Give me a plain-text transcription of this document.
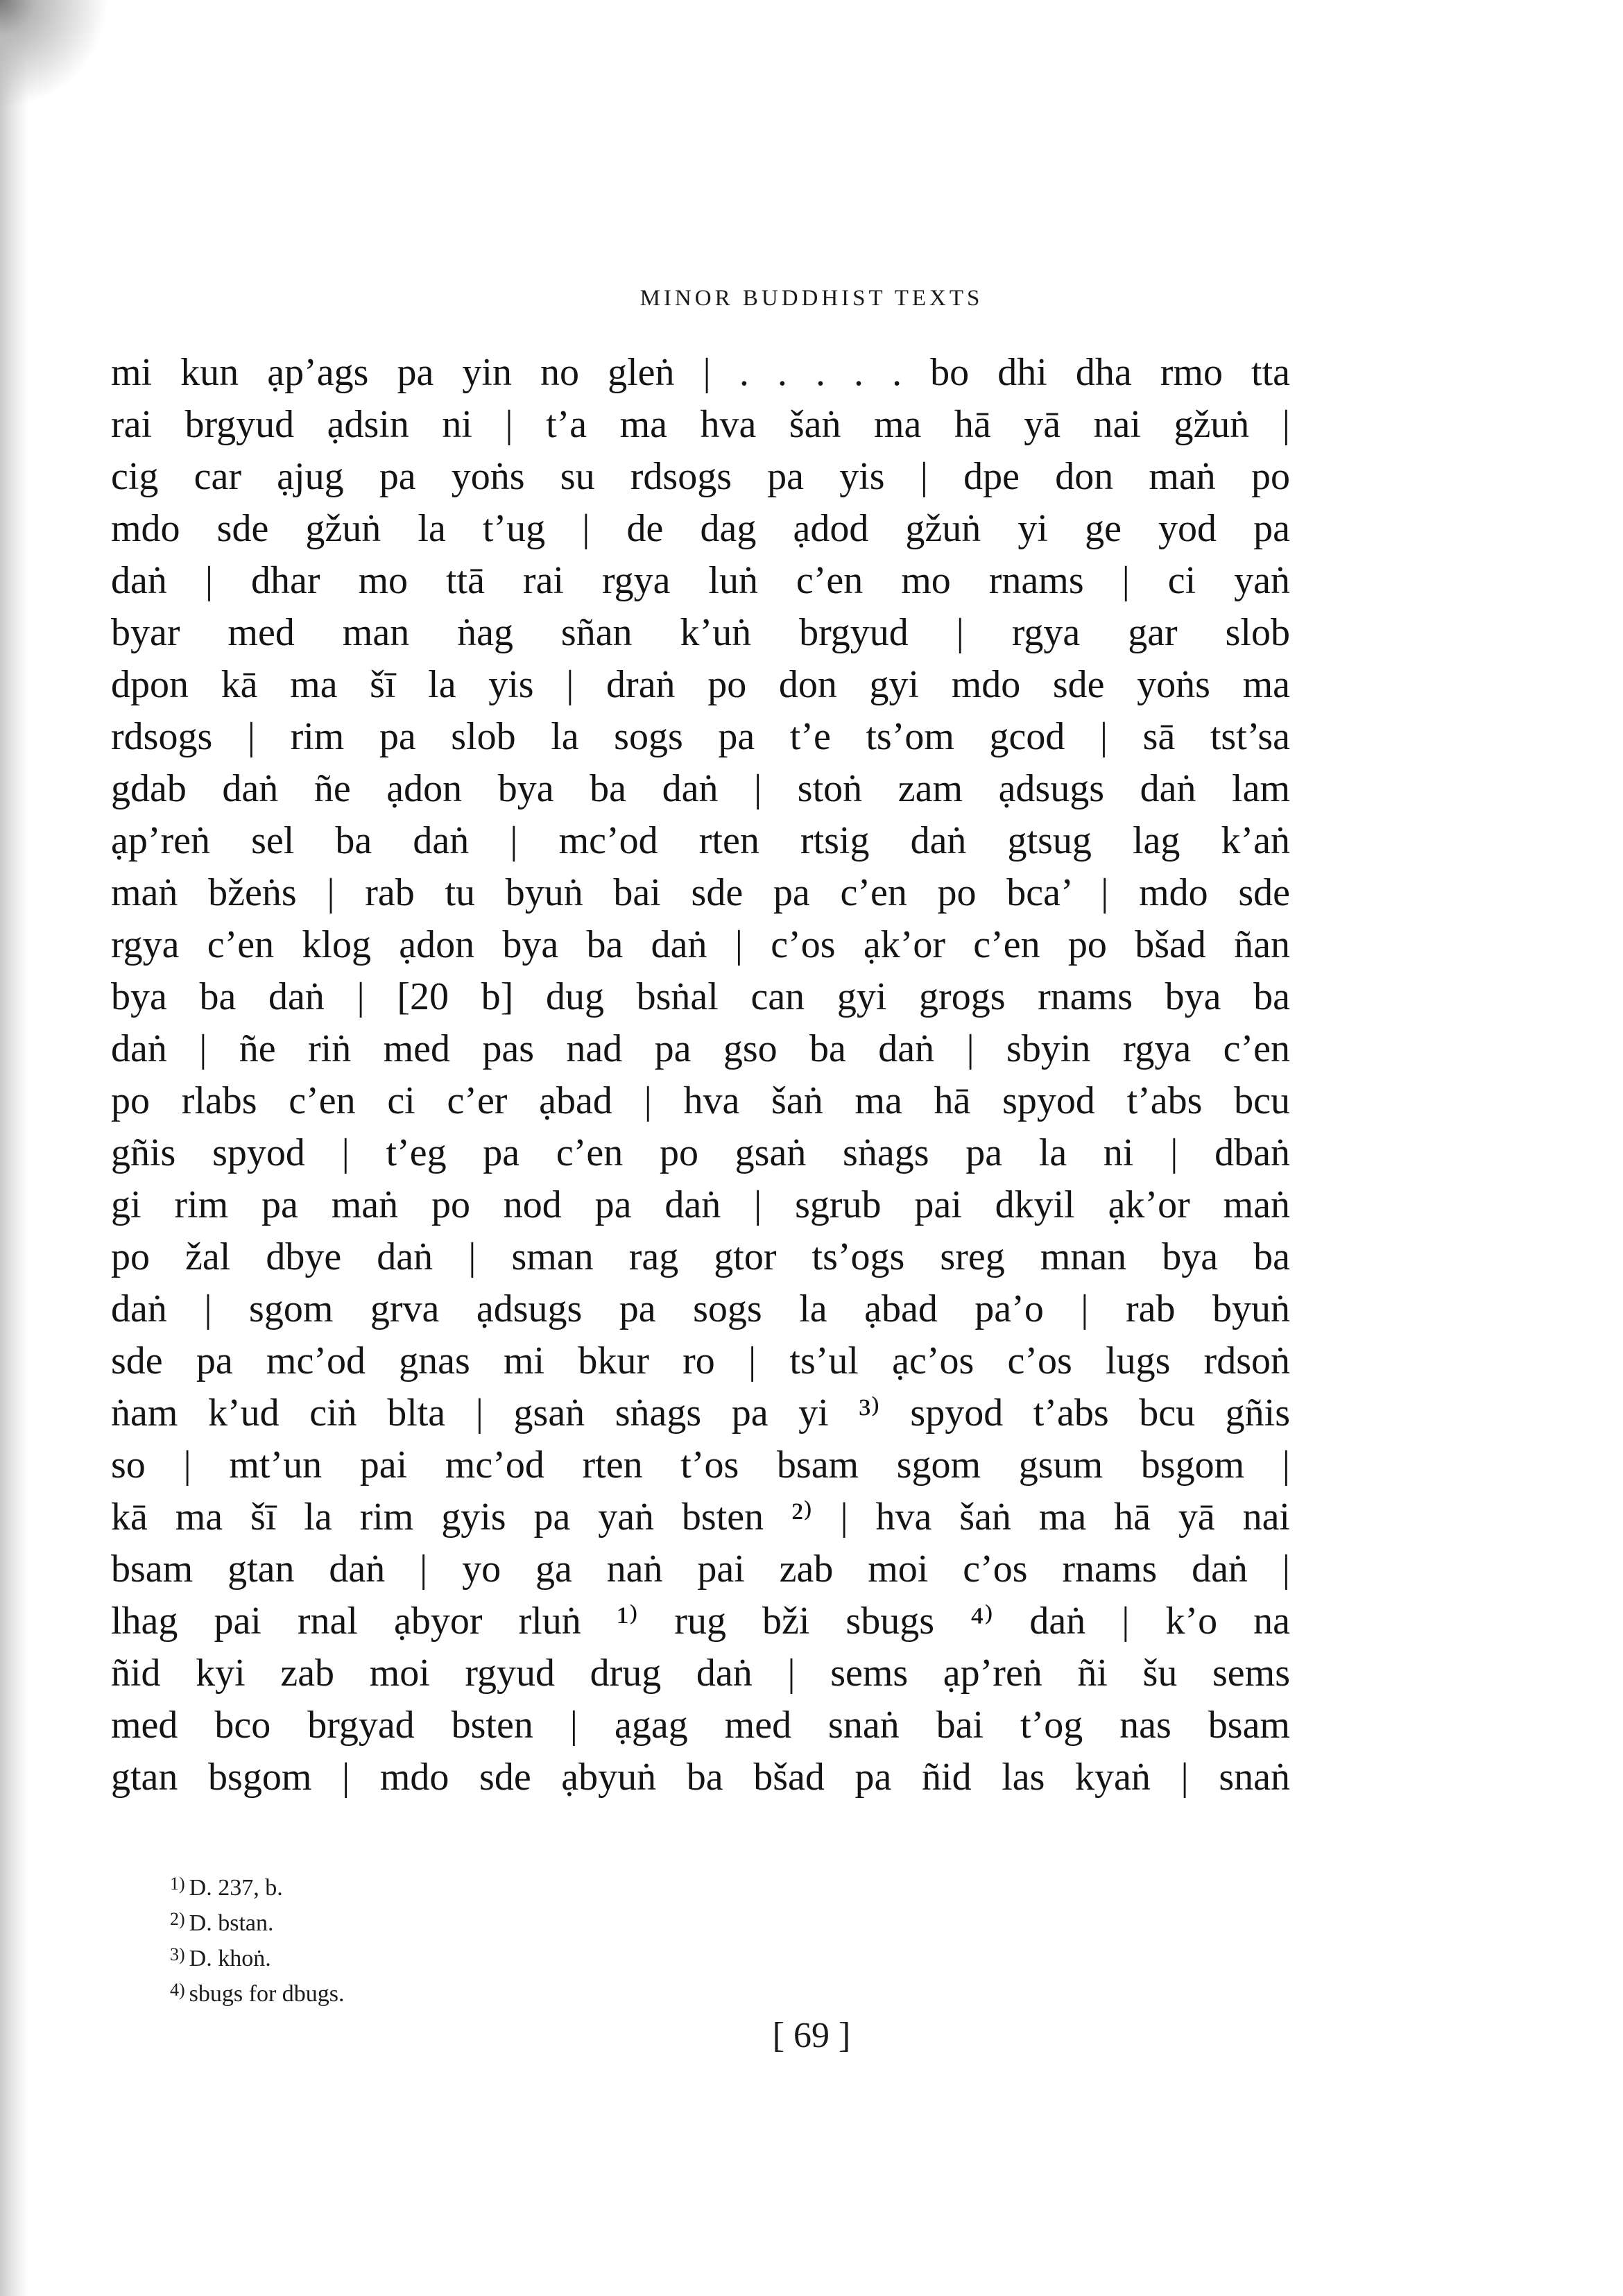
MINOR BUDDHIST TEXTS
mi kun ạp’ags pa yin no gleṅ | . . . . . bo dhi dha rmo tta
rai brgyud ạdsin ni | t’a ma hva šaṅ ma hā yā nai gžuṅ |
cig car ạjug pa yoṅs su rdsogs pa yis | dpe don maṅ po
mdo sde gžuṅ la t’ug | de dag ạdod gžuṅ yi ge yod pa
daṅ | dhar mo ttā rai rgya luṅ c’en mo rnams | ci yaṅ
byar med man ṅag sñan k’uṅ brgyud | rgya gar slob
dpon kā ma šī la yis | draṅ po don gyi mdo sde yoṅs ma
rdsogs | rim pa slob la sogs pa t’e ts’om gcod | sā tst’sa
gdab daṅ ñe ạdon bya ba daṅ | stoṅ zam ạdsugs daṅ lam
ạp’reṅ sel ba daṅ | mc’od rten rtsig daṅ gtsug lag k’aṅ
maṅ bžeṅs | rab tu byuṅ bai sde pa c’en po bca’ | mdo sde
rgya c’en klog ạdon bya ba daṅ | c’os ạk’or c’en po bšad ñan
bya ba daṅ | [20 b] dug bsṅal can gyi grogs rnams bya ba
daṅ | ñe riṅ med pas nad pa gso ba daṅ | sbyin rgya c’en
po rlabs c’en ci c’er ạbad | hva šaṅ ma hā spyod t’abs bcu
gñis spyod | t’eg pa c’en po gsaṅ sṅags pa la ni | dbaṅ
gi rim pa maṅ po nod pa daṅ | sgrub pai dkyil ạk’or maṅ
po žal dbye daṅ | sman rag gtor ts’ogs sreg mnan bya ba
daṅ | sgom grva ạdsugs pa sogs la ạbad pa’o | rab byuṅ
sde pa mc’od gnas mi bkur ro | ts’ul ạc’os c’os lugs rdsoṅ
ṅam k’ud ciṅ blta | gsaṅ sṅags pa yi ³⁾ spyod t’abs bcu gñis
so | mt’un pai mc’od rten t’os bsam sgom gsum bsgom |
kā ma šī la rim gyis pa yaṅ bsten ²⁾ | hva šaṅ ma hā yā nai
bsam gtan daṅ | yo ga naṅ pai zab moi c’os rnams daṅ |
lhag pai rnal ạbyor rluṅ ¹⁾ rug bži sbugs ⁴⁾ daṅ | k’o na
ñid kyi zab moi rgyud drug daṅ | sems ạp’reṅ ñi šu sems
med bco brgyad bsten | ạgag med snaṅ bai t’og nas bsam
gtan bsgom | mdo sde ạbyuṅ ba bšad pa ñid las kyaṅ | snaṅ
$^{1)}$ D. 237, b.
$^{2)}$ D. bstan.
$^{3)}$ D. khoṅ.
$^{4)}$ sbugs for dbugs.
[ 69 ]
